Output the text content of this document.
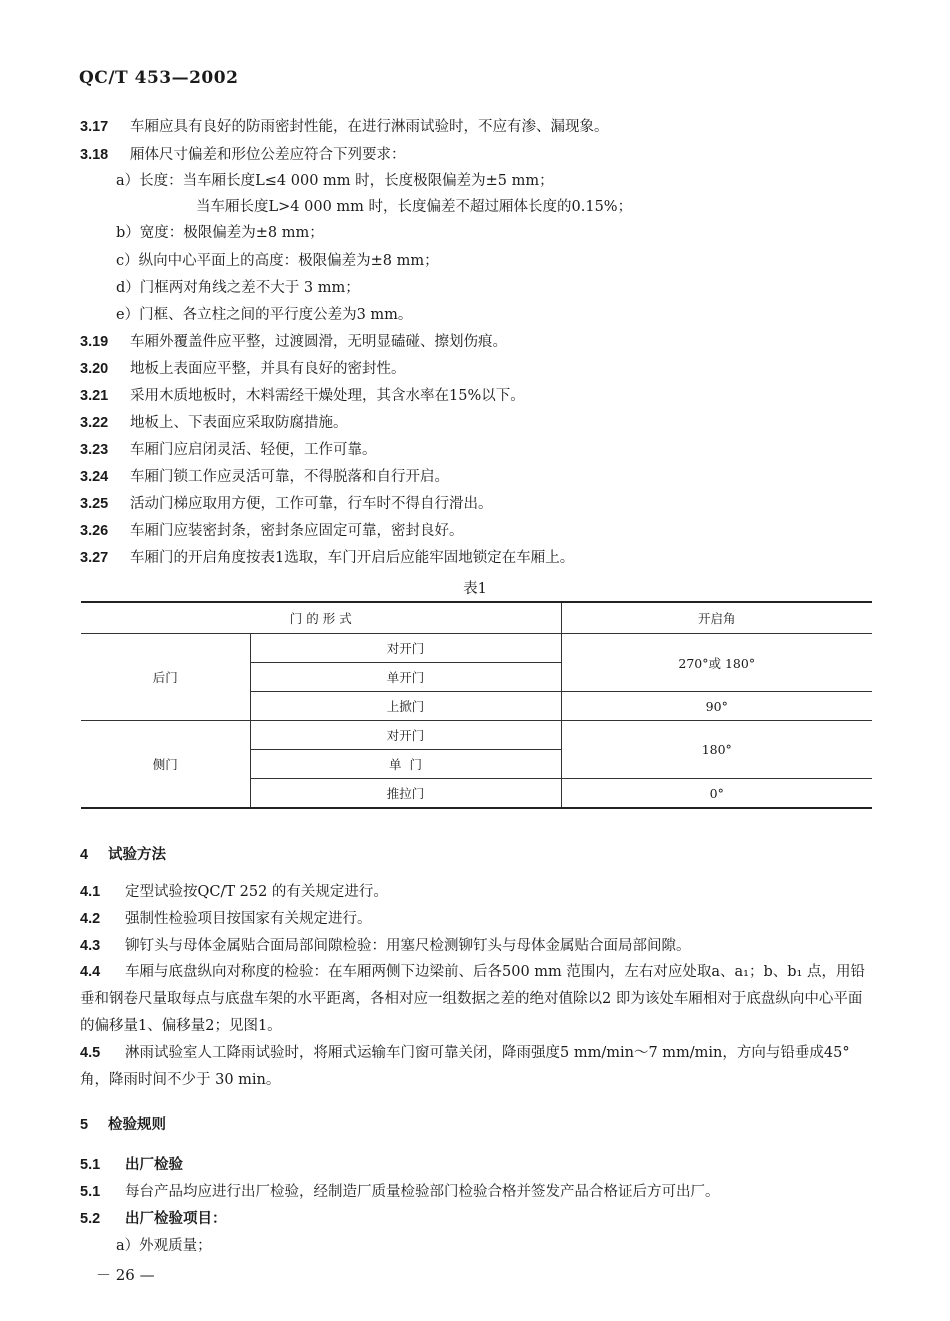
QC/T 453—2002
3.17 车厢应具有良好的防雨密封性能，在进行淋雨试验时，不应有渗、漏现象。
3.18 厢体尺寸偏差和形位公差应符合下列要求：
a）长度：当车厢长度L≤4 000 mm 时，长度极限偏差为±5 mm；
当车厢长度L>4 000 mm 时，长度偏差不超过厢体长度的0.15%；
b）宽度：极限偏差为±8 mm；
c）纵向中心平面上的高度：极限偏差为±8 mm；
d）门框两对角线之差不大于 3 mm；
e）门框、各立柱之间的平行度公差为3 mm。
3.19 车厢外覆盖件应平整，过渡圆滑，无明显磕碰、擦划伤痕。
3.20 地板上表面应平整，并具有良好的密封性。
3.21 采用木质地板时，木料需经干燥处理，其含水率在15%以下。
3.22 地板上、下表面应采取防腐措施。
3.23 车厢门应启闭灵活、轻便，工作可靠。
3.24 车厢门锁工作应灵活可靠，不得脱落和自行开启。
3.25 活动门梯应取用方便，工作可靠，行车时不得自行滑出。
3.26 车厢门应装密封条，密封条应固定可靠，密封良好。
3.27 车厢门的开启角度按表1选取，车门开启后应能牢固地锁定在车厢上。
表1
门 的 形 式		开启角
后门	对开门	270°或 180°
	单开门	
	上掀门	90°
侧门	对开门	180°
	单  门	
	推拉门	0°
4 试验方法
4.1 定型试验按QC/T 252 的有关规定进行。
4.2 强制性检验项目按国家有关规定进行。
4.3 铆钉头与母体金属贴合面局部间隙检验：用塞尺检测铆钉头与母体金属贴合面局部间隙。
4.4 车厢与底盘纵向对称度的检验：在车厢两侧下边梁前、后各500 mm 范围内，左右对应处取a、a₁；b、b₁ 点，用铅垂和钢卷尺量取每点与底盘车架的水平距离，各相对应一组数据之差的绝对值除以2 即为该处车厢相对于底盘纵向中心平面的偏移量1、偏移量2；见图1。
4.5 淋雨试验室人工降雨试验时，将厢式运输车门窗可靠关闭，降雨强度5 mm/min～7 mm/min，方向与铅垂成45°角，降雨时间不少于 30 min。
5 检验规则
5.1 出厂检验
5.1 每台产品均应进行出厂检验，经制造厂质量检验部门检验合格并签发产品合格证后方可出厂。
5.2 出厂检验项目：
a）外观质量；
－ 26 —
